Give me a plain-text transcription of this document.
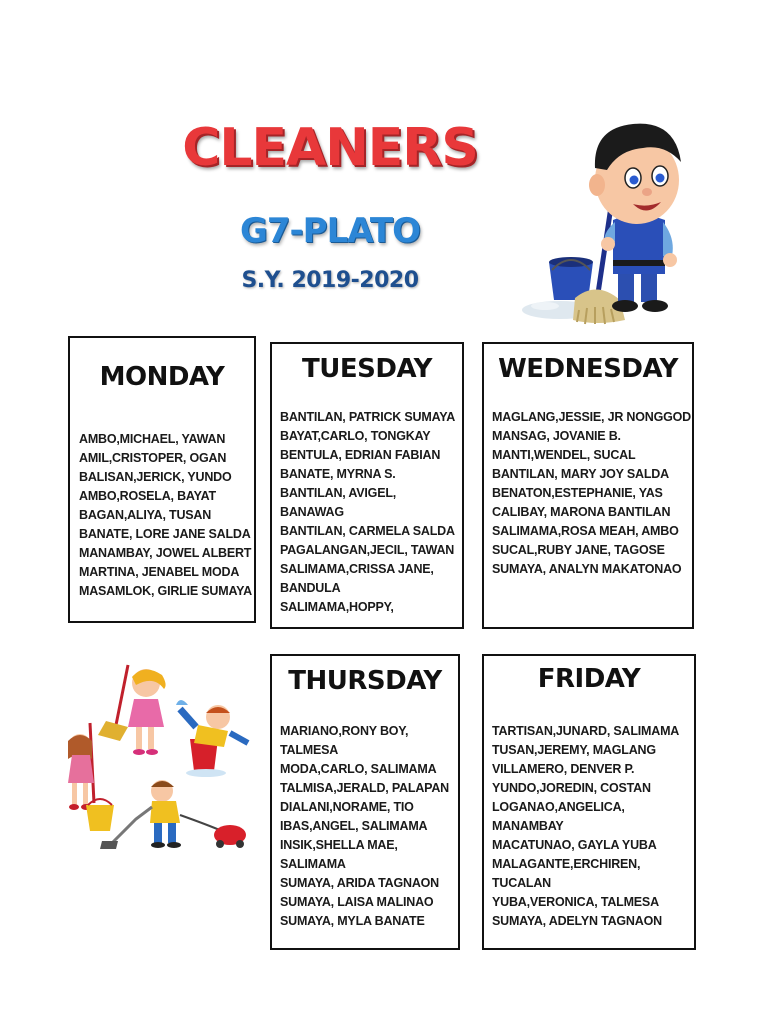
CLEANERS
G7-PLATO
S.Y. 2019-2020
MONDAY
AMBO,MICHAEL, YAWAN
AMIL,CRISTOPER, OGAN
BALISAN,JERICK, YUNDO
AMBO,ROSELA, BAYAT
BAGAN,ALIYA, TUSAN
BANATE, LORE JANE SALDA
MANAMBAY, JOWEL ALBERT
MARTINA, JENABEL MODA
MASAMLOK, GIRLIE SUMAYA
TUESDAY
BANTILAN, PATRICK SUMAYA
BAYAT,CARLO, TONGKAY
BENTULA, EDRIAN FABIAN
BANATE, MYRNA S.
BANTILAN, AVIGEL,
BANAWAG
BANTILAN, CARMELA SALDA
PAGALANGAN,JECIL, TAWAN
SALIMAMA,CRISSA JANE,
BANDULA
SALIMAMA,HOPPY,
WEDNESDAY
MAGLANG,JESSIE, JR NONGGOD
MANSAG, JOVANIE B.
MANTI,WENDEL, SUCAL
BANTILAN, MARY JOY SALDA
BENATON,ESTEPHANIE, YAS
CALIBAY, MARONA BANTILAN
SALIMAMA,ROSA MEAH, AMBO
SUCAL,RUBY JANE, TAGOSE
SUMAYA, ANALYN MAKATONAO
THURSDAY
MARIANO,RONY BOY,
TALMESA
MODA,CARLO, SALIMAMA
TALMISA,JERALD, PALAPAN
DIALANI,NORAME, TIO
IBAS,ANGEL, SALIMAMA
INSIK,SHELLA MAE,
SALIMAMA
SUMAYA, ARIDA TAGNAON
SUMAYA, LAISA MALINAO
SUMAYA, MYLA BANATE
FRIDAY
TARTISAN,JUNARD, SALIMAMA
TUSAN,JEREMY, MAGLANG
VILLAMERO, DENVER P.
YUNDO,JOREDIN, COSTAN
LOGANAO,ANGELICA,
MANAMBAY
MACATUNAO, GAYLA YUBA
MALAGANTE,ERCHIREN,
TUCALAN
YUBA,VERONICA, TALMESA
SUMAYA, ADELYN TAGNAON
